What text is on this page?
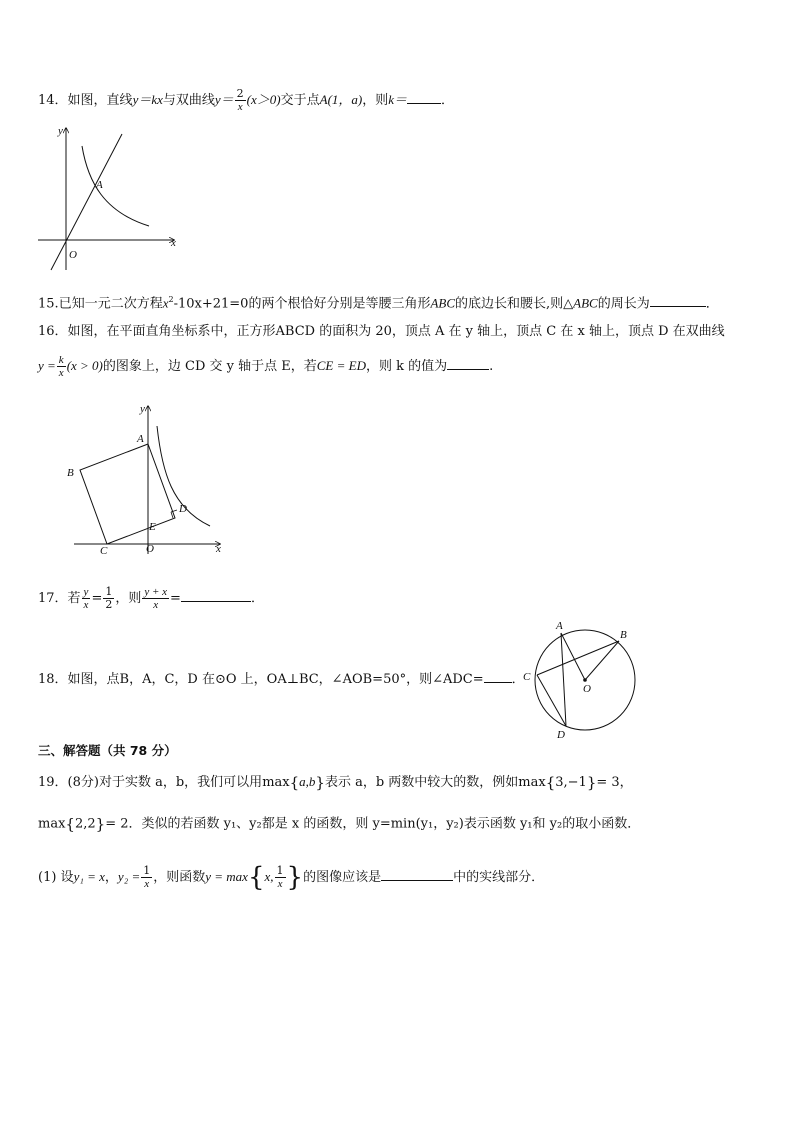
14．如图，直线y＝kx与双曲线$y= \frac{2}{x} (x>0)$交于点A(1，a)，则k＝	．
y
x
O
A
15.已知一元二次方程$x^2-10x+21=0$的两个根恰好分别是等腰三角形ABC的底边长和腰长,则△ABC的周长为	．
16．如图，在平面直角坐标系中，正方形ABCD 的面积为 20，顶点 A 在 y 轴上，顶点 C 在 x 轴上，顶点 D 在双曲线
$y = \frac{k}{x} (x > 0)$的图象上，边 CD 交 y 轴于点 E，若CE = ED，则 k 的值为	.
y
x
O
A
B
C
D
E
17．若 $\frac{y}{x} = \frac{1}{2}$ ，则 $\frac{y + x}{x}$ =	．
18．如图，点B，A，C，D 在⊙O 上，OA⊥BC，∠AOB=50°，则∠ADC= ．
A
B
C
D
O
三、解答题（共 78 分）
19．(8分)对于实数 a，b，我们可以用max{a,b}表示 a，b 两数中较大的数，例如max{3,−1}= 3，
max{2,2}= 2．类似的若函数 y₁、y₂都是 x 的函数，则 y=min(y₁，y₂)表示函数 y₁和 y₂的取小函数．
(1) 设y₁ = x，$y_2 = \frac{1}{x}$ ，则函数y = max{x, $\frac{1}{x}$ }的图像应该是	中的实线部分．
